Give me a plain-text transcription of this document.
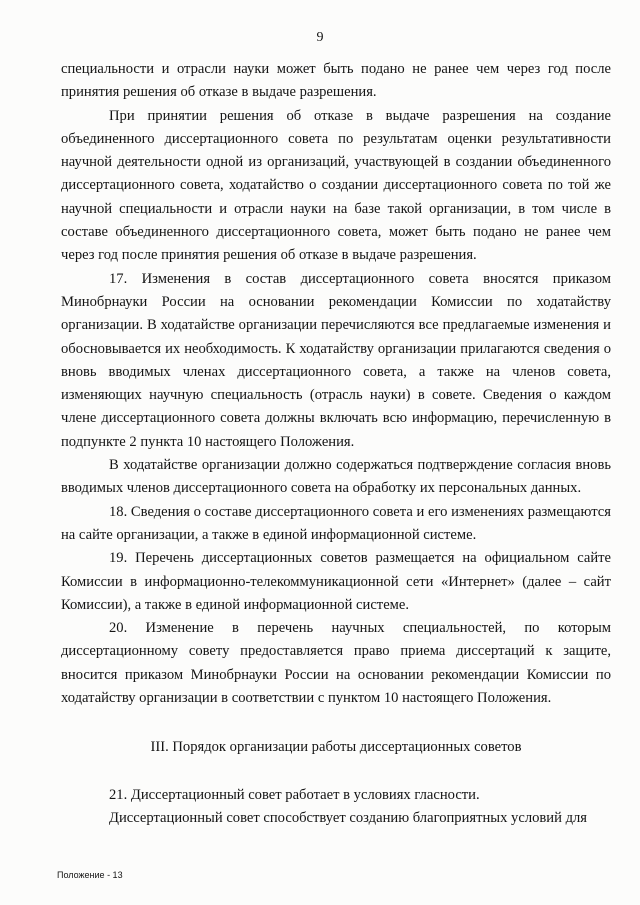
9

специальности и отрасли науки может быть подано не ранее чем через год после принятия решения об отказе в выдаче разрешения.

При принятии решения об отказе в выдаче разрешения на создание объединенного диссертационного совета по результатам оценки результативности научной деятельности одной из организаций, участвующей в создании объединенного диссертационного совета, ходатайство о создании диссертационного совета по той же научной специальности и отрасли науки на базе такой организации, в том числе в составе объединенного диссертационного совета, может быть подано не ранее чем через год после принятия решения об отказе в выдаче разрешения.

17. Изменения в состав диссертационного совета вносятся приказом Минобрнауки России на основании рекомендации Комиссии по ходатайству организации. В ходатайстве организации перечисляются все предлагаемые изменения и обосновывается их необходимость. К ходатайству организации прилагаются сведения о вновь вводимых членах диссертационного совета, а также на членов совета, изменяющих научную специальность (отрасль науки) в совете. Сведения о каждом члене диссертационного совета должны включать всю информацию, перечисленную в подпункте 2 пункта 10 настоящего Положения.

В ходатайстве организации должно содержаться подтверждение согласия вновь вводимых членов диссертационного совета на обработку их персональных данных.

18. Сведения о составе диссертационного совета и его изменениях размещаются на сайте организации, а также в единой информационной системе.

19. Перечень диссертационных советов размещается на официальном сайте Комиссии в информационно-телекоммуникационной сети «Интернет» (далее – сайт Комиссии), а также в единой информационной системе.

20. Изменение в перечень научных специальностей, по которым диссертационному совету предоставляется право приема диссертаций к защите, вносится приказом Минобрнауки России на основании рекомендации Комиссии по ходатайству организации в соответствии с пунктом 10 настоящего Положения.

III. Порядок организации работы диссертационных советов

21. Диссертационный совет работает в условиях гласности.

Диссертационный совет способствует созданию благоприятных условий для

Положение - 13
